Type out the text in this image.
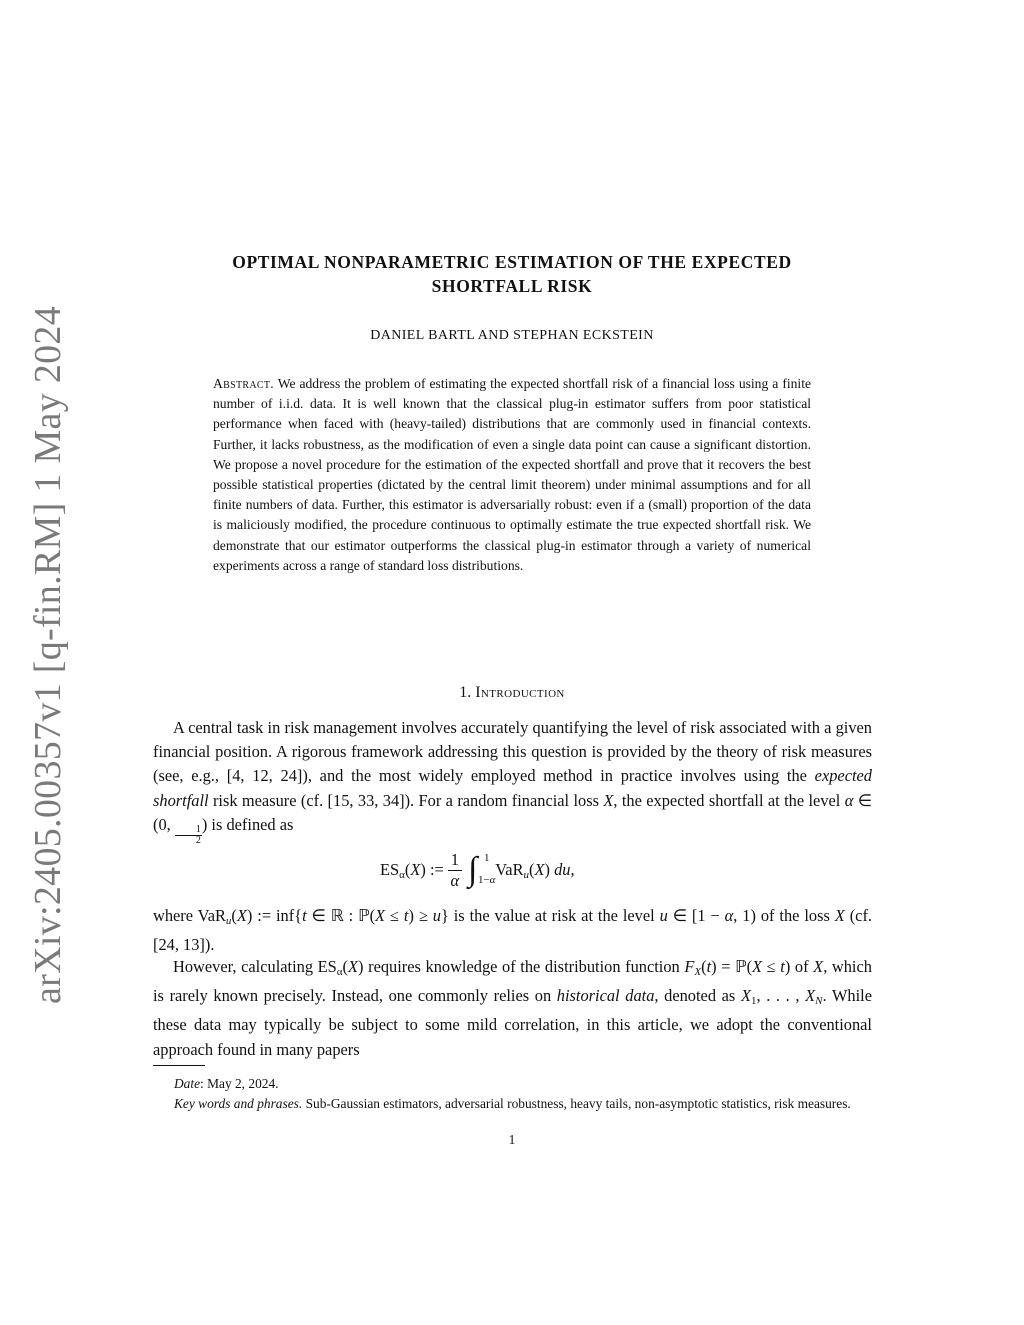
arXiv:2405.00357v1 [q-fin.RM] 1 May 2024
OPTIMAL NONPARAMETRIC ESTIMATION OF THE EXPECTED
SHORTFALL RISK
DANIEL BARTL AND STEPHAN ECKSTEIN
Abstract. We address the problem of estimating the expected shortfall risk of a financial loss using a finite number of i.i.d. data. It is well known that the classical plug-in estimator suffers from poor statistical performance when faced with (heavy-tailed) distributions that are commonly used in financial contexts. Further, it lacks robustness, as the modification of even a single data point can cause a significant distortion. We propose a novel procedure for the estimation of the expected shortfall and prove that it recovers the best possible statistical properties (dictated by the central limit theorem) under minimal assumptions and for all finite numbers of data. Further, this estimator is adversarially robust: even if a (small) proportion of the data is maliciously modified, the procedure continuous to optimally estimate the true expected shortfall risk. We demonstrate that our estimator outperforms the classical plug-in estimator through a variety of numerical experiments across a range of standard loss distributions.
1. Introduction
A central task in risk management involves accurately quantifying the level of risk associated with a given financial position. A rigorous framework addressing this question is provided by the theory of risk measures (see, e.g., [4, 12, 24]), and the most widely employed method in practice involves using the expected shortfall risk measure (cf. [15, 33, 34]). For a random financial loss X, the expected shortfall at the level α ∈ (0,
$\frac{1}{2}$
) is defined as
$ES_\alpha(X)$ := $\frac{1}{\alpha}$ ∫ 1
1−α
VaR$_u$(X) du,
where VaR$_u$(X) := inf{t ∈ ℝ : ℙ(X ≤ t) ≥ u} is the value at risk at the level u ∈ [1 − α, 1) of the loss X (cf. [24, 13]).
However, calculating $ES_\alpha(X)$ requires knowledge of the distribution function $F_X(t)$ = ℙ(X ≤ t) of X, which is rarely known precisely. Instead, one commonly relies on historical data, denoted as $X_1$, . . . , $X_N$. While these data may typically be subject to some mild correlation, in this article, we adopt the conventional approach found in many papers
Date: May 2, 2024.
Key words and phrases. Sub-Gaussian estimators, adversarial robustness, heavy tails, non-asymptotic statistics, risk measures.
1
